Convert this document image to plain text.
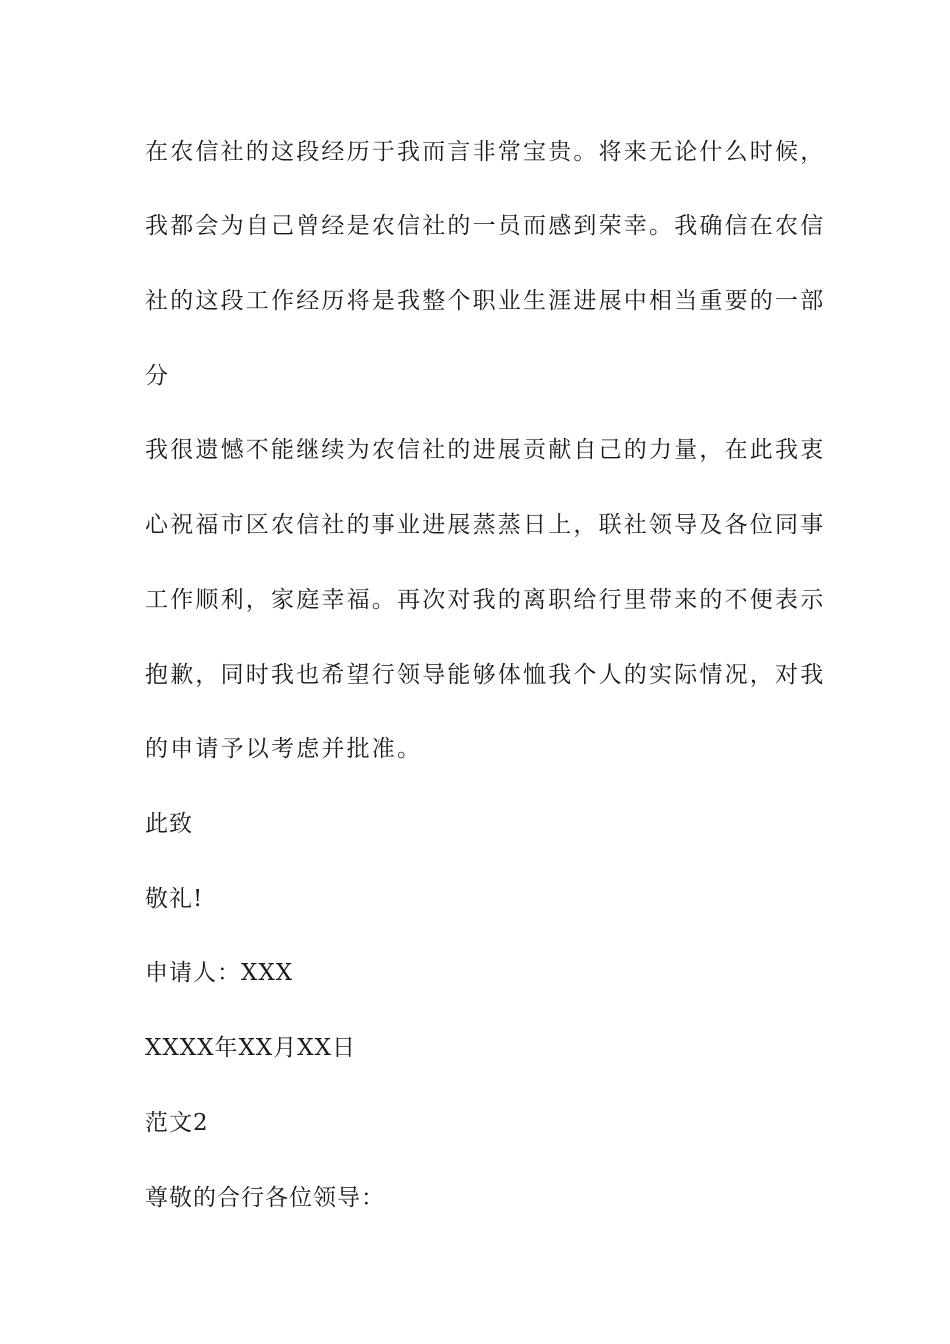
在农信社的这段经历于我而言非常宝贵。将来无论什么时候，
我都会为自己曾经是农信社的一员而感到荣幸。我确信在农信
社的这段工作经历将是我整个职业生涯进展中相当重要的一部
分
我很遗憾不能继续为农信社的进展贡献自己的力量，在此我衷
心祝福市区农信社的事业进展蒸蒸日上，联社领导及各位同事
工作顺利，家庭幸福。再次对我的离职给行里带来的不便表示
抱歉，同时我也希望行领导能够体恤我个人的实际情况，对我
的申请予以考虑并批准。
此致
敬礼!
申请人：XXX
XXXX年XX月XX日
范文2
尊敬的合行各位领导：
